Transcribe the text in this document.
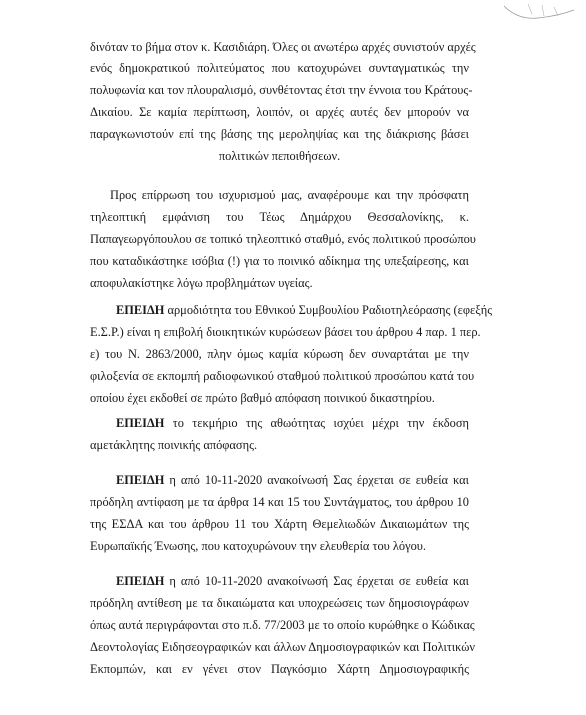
δινόταν το βήμα στον κ. Κασιδιάρη. Όλες οι ανωτέρω αρχές συνιστούν αρχές
ενός δημοκρατικού πολιτεύματος που κατοχυρώνει συνταγματικώς την
πολυφωνία και τον πλουραλισμό, συνθέτοντας έτσι την έννοια του Κράτους-
Δικαίου. Σε καμία περίπτωση, λοιπόν, οι αρχές αυτές δεν μπορούν να
παραγκωνιστούν επί της βάσης της μεροληψίας και της διάκρισης βάσει
πολιτικών πεποιθήσεων.
Προς επίρρωση του ισχυρισμού μας, αναφέρουμε και την πρόσφατη
τηλεοπτική εμφάνιση του Τέως Δημάρχου Θεσσαλονίκης, κ.
Παπαγεωργόπουλου σε τοπικό τηλεοπτικό σταθμό, ενός πολιτικού προσώπου
που καταδικάστηκε ισόβια (!) για το ποινικό αδίκημα της υπεξαίρεσης, και
αποφυλακίστηκε λόγω προβλημάτων υγείας.
ΕΠΕΙΔΗ αρμοδιότητα του Εθνικού Συμβουλίου Ραδιοτηλεόρασης (εφεξής
Ε.Σ.Ρ.) είναι η επιβολή διοικητικών κυρώσεων βάσει του άρθρου 4 παρ. 1 περ.
ε) του Ν. 2863/2000, πλην όμως καμία κύρωση δεν συναρτάται με την
φιλοξενία σε εκπομπή ραδιοφωνικού σταθμού πολιτικού προσώπου κατά του
οποίου έχει εκδοθεί σε πρώτο βαθμό απόφαση ποινικού δικαστηρίου.
ΕΠΕΙΔΗ το τεκμήριο της αθωότητας ισχύει μέχρι την έκδοση
αμετάκλητης ποινικής απόφασης.
ΕΠΕΙΔΗ η από 10-11-2020 ανακοίνωσή Σας έρχεται σε ευθεία και
πρόδηλη αντίφαση με τα άρθρα 14 και 15 του Συντάγματος, του άρθρου 10
της ΕΣΔΑ και του άρθρου 11 του Χάρτη Θεμελιωδών Δικαιωμάτων της
Ευρωπαϊκής Ένωσης, που κατοχυρώνουν την ελευθερία του λόγου.
ΕΠΕΙΔΗ η από 10-11-2020 ανακοίνωσή Σας έρχεται σε ευθεία και
πρόδηλη αντίθεση με τα δικαιώματα και υποχρεώσεις των δημοσιογράφων
όπως αυτά περιγράφονται στο π.δ. 77/2003 με το οποίο κυρώθηκε ο Κώδικας
Δεοντολογίας Ειδησεογραφικών και άλλων Δημοσιογραφικών και Πολιτικών
Εκπομπών, και εν γένει στον Παγκόσμιο Χάρτη Δημοσιογραφικής
